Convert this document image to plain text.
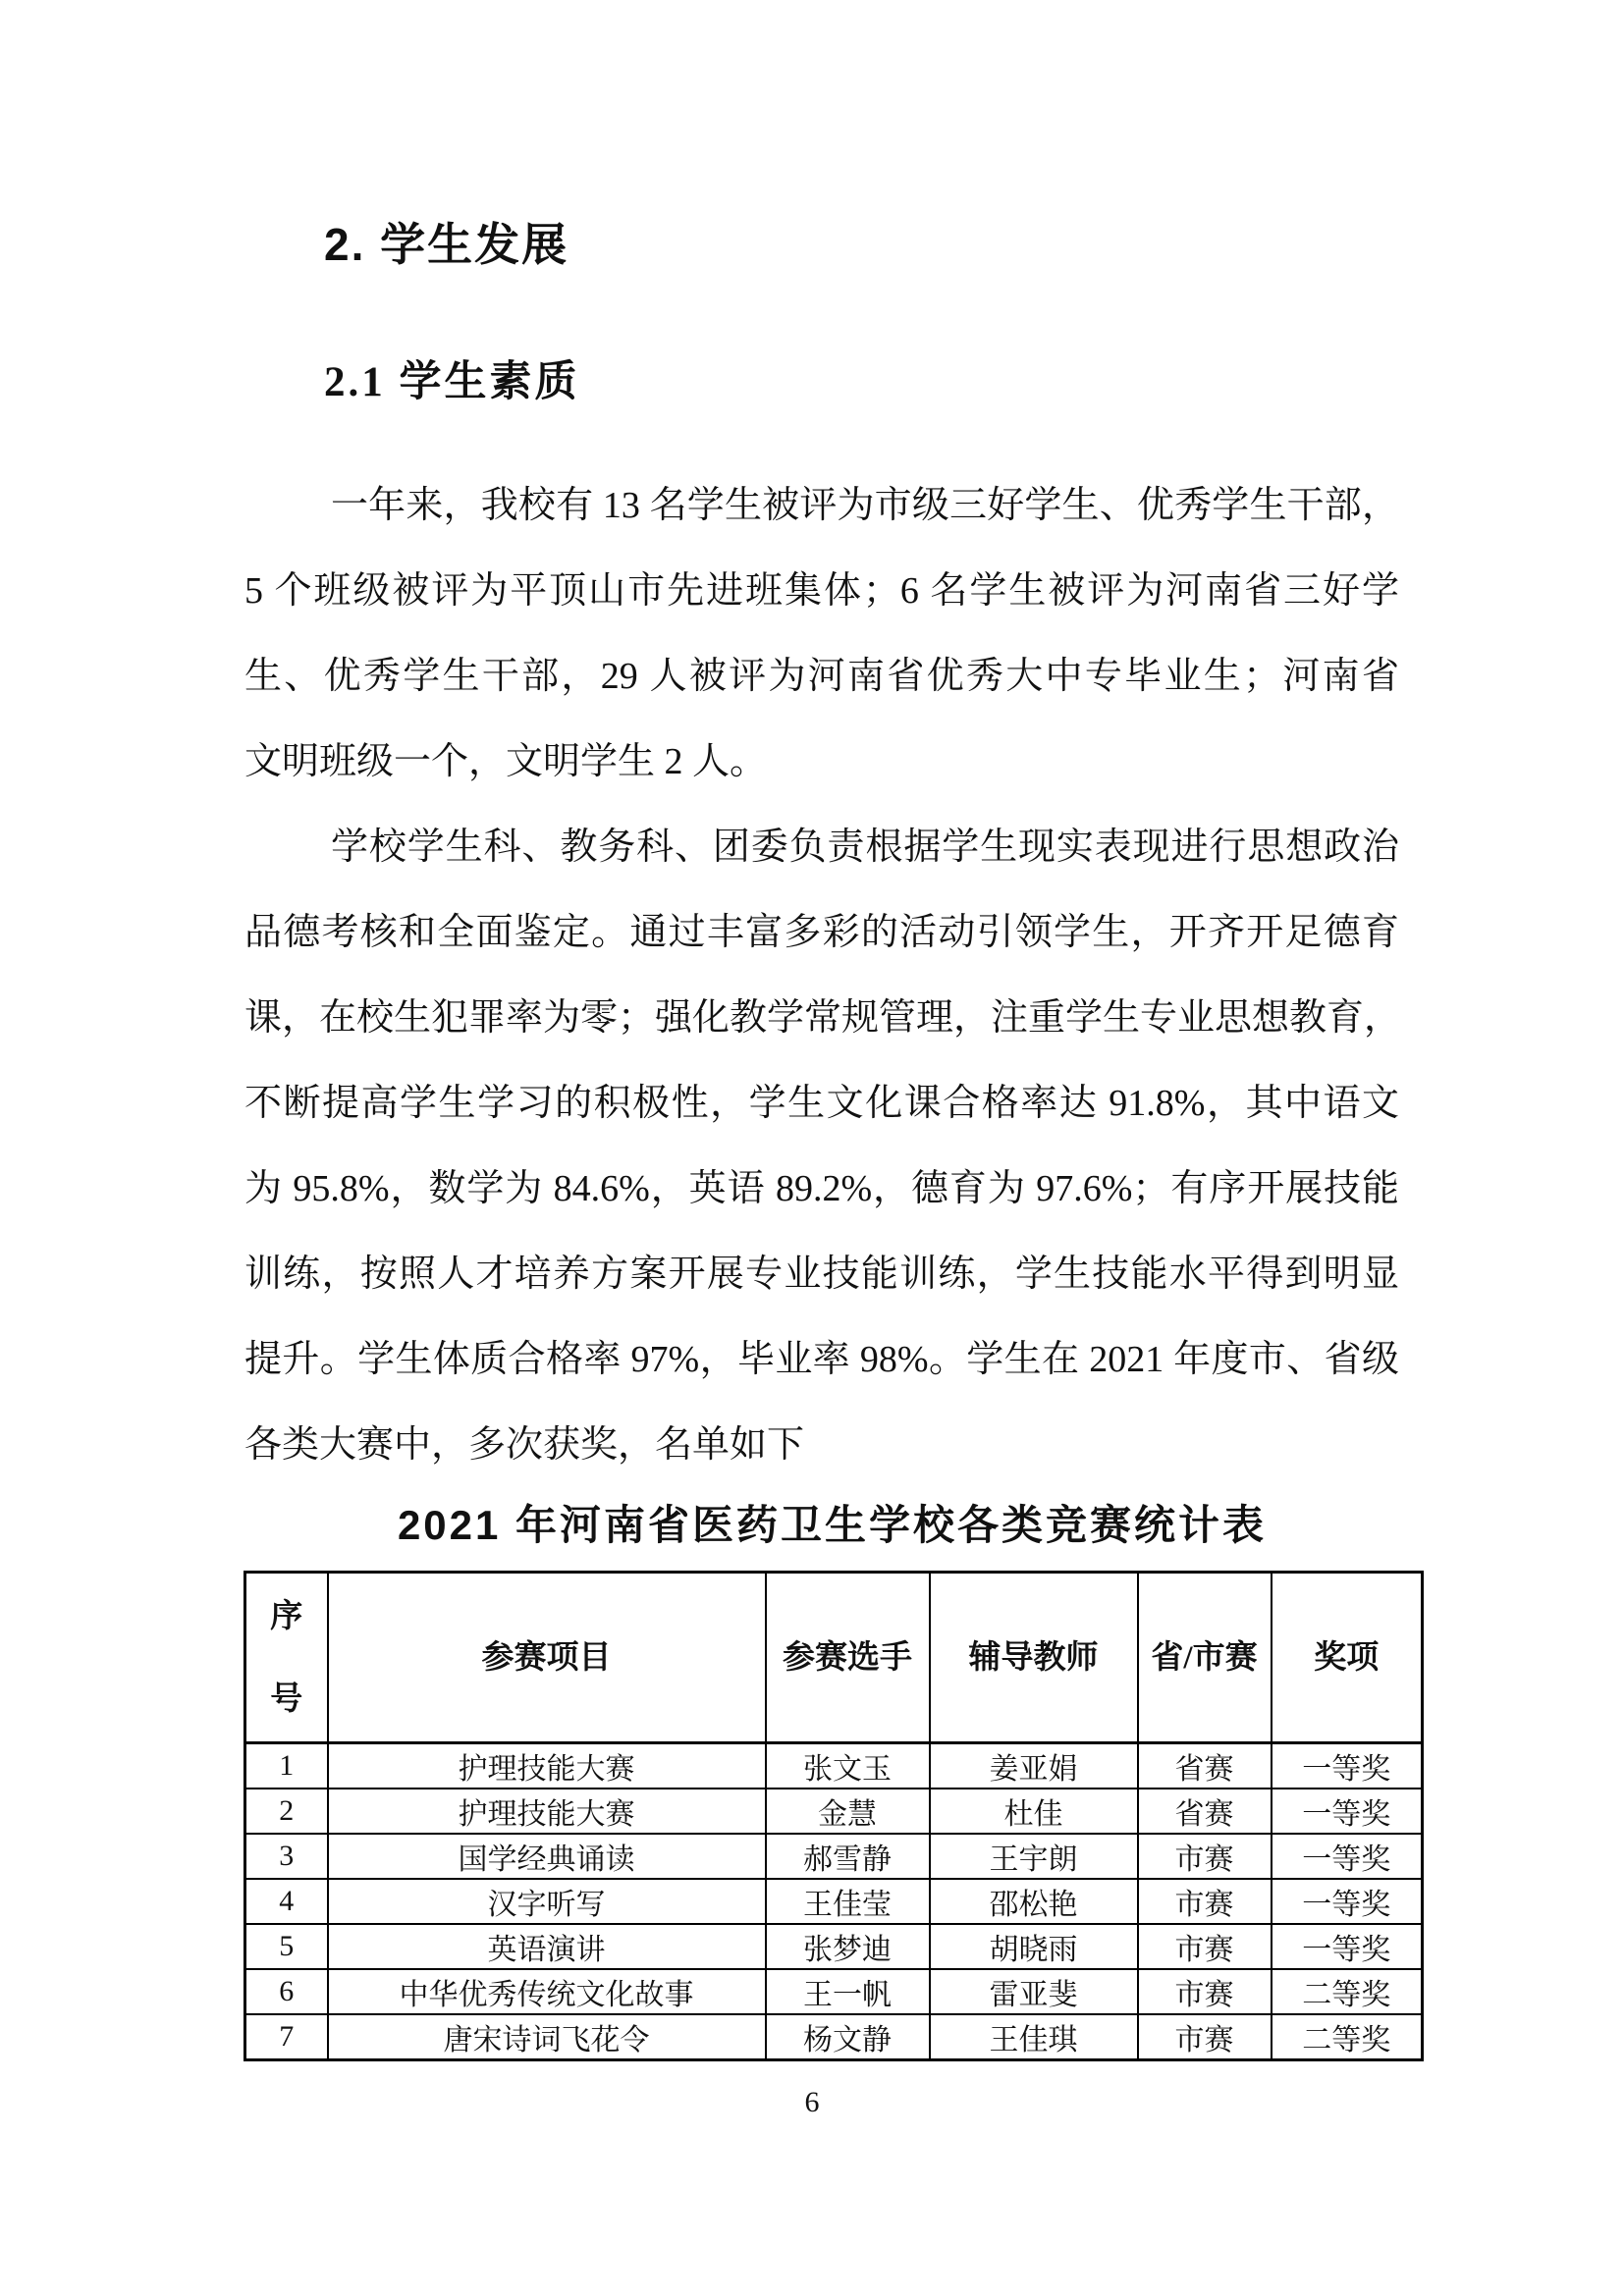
2. 学生发展
2.1 学生素质
一年来，我校有 13 名学生被评为市级三好学生、优秀学生干部，
5 个班级被评为平顶山市先进班集体；6 名学生被评为河南省三好学
生、优秀学生干部，29 人被评为河南省优秀大中专毕业生；河南省
文明班级一个，文明学生 2 人。
学校学生科、教务科、团委负责根据学生现实表现进行思想政治
品德考核和全面鉴定。通过丰富多彩的活动引领学生，开齐开足德育
课，在校生犯罪率为零；强化教学常规管理，注重学生专业思想教育，
不断提高学生学习的积极性，学生文化课合格率达 91.8%，其中语文
为 95.8%，数学为 84.6%，英语 89.2%，德育为 97.6%；有序开展技能
训练，按照人才培养方案开展专业技能训练，学生技能水平得到明显
提升。学生体质合格率 97%，毕业率 98%。学生在 2021 年度市、省级
各类大赛中，多次获奖，名单如下
2021 年河南省医药卫生学校各类竞赛统计表
序号	参赛项目	参赛选手	辅导教师	省/市赛	奖项
1	护理技能大赛	张文玉	姜亚娟	省赛	一等奖
2	护理技能大赛	金慧	杜佳	省赛	一等奖
3	国学经典诵读	郝雪静	王宇朗	市赛	一等奖
4	汉字听写	王佳莹	邵松艳	市赛	一等奖
5	英语演讲	张梦迪	胡晓雨	市赛	一等奖
6	中华优秀传统文化故事	王一帆	雷亚斐	市赛	二等奖
7	唐宋诗词飞花令	杨文静	王佳琪	市赛	二等奖
6
